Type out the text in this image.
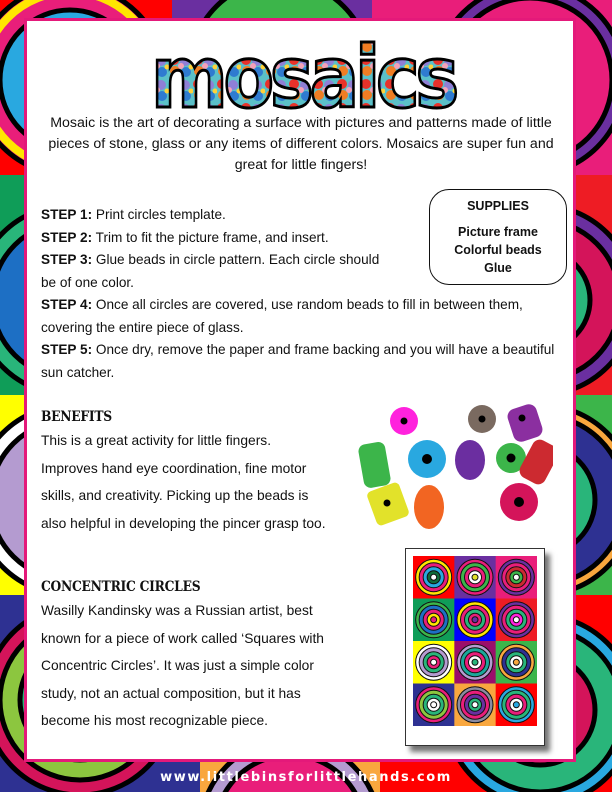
mosaics
Mosaic is the art of decorating a surface with pictures and patterns made of little pieces of stone, glass or any items of different colors. Mosaics are super fun and great for little fingers!

STEP 1: Print circles template.

STEP 2: Trim to fit the picture frame, and insert.

STEP 3: Glue beads in circle pattern. Each circle should be of one color.

STEP 4: Once all circles are covered, use random beads to fill in between them, covering the entire piece of glass.

STEP 5: Once dry, remove the paper and frame backing and you will have a beautiful sun catcher.

SUPPLIES
Picture frame
Colorful beads
Glue
BENEFITS
This is a great activity for little fingers.
Improves hand eye coordination, fine motor
skills, and creativity. Picking up the beads is
also helpful in developing the pincer grasp too.
CONCENTRIC CIRCLES
Wasilly Kandinsky was a Russian artist, best
known for a piece of work called ‘Squares with
Concentric Circles’. It was just a simple color
study, not an actual composition, but it has
become his most recognizable piece.
www.littlebinsforlittlehands.com
